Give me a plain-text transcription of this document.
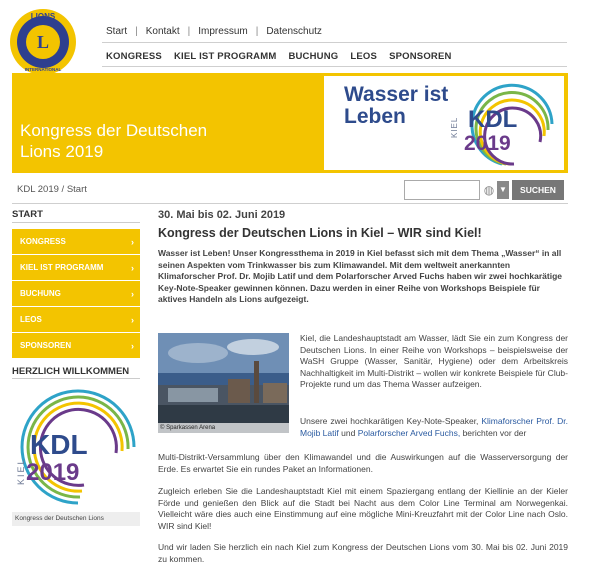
L
LIONS
INTERNATIONAL
Start | Kontakt | Impressum | Datenschutz
KONGRESS KIEL IST PROGRAMM BUCHUNG LEOS SPONSOREN
Kongress der Deutschen
Lions 2019
Wasser ist
Leben	KIEL KDL
2019
KDL 2019 / Start	◍ ▼	SUCHEN
START
KONGRESS	›
KIEL IST PROGRAMM	›
BUCHUNG	›
LEOS	›
SPONSOREN	›
HERZLICH WILLKOMMEN
KIEL
KDL
2019
Kongress der Deutschen Lions
30. Mai bis 02. Juni 2019
Kongress der Deutschen Lions in Kiel – WIR sind Kiel!
Wasser ist Leben! Unser Kongressthema in 2019 in Kiel befasst sich mit dem Thema „Wasser“ in all seinen Aspekten vom Trinkwasser bis zum Klimawandel. Mit dem weltweit anerkannten Klimaforscher Prof. Dr. Mojib Latif und dem Polarforscher Arved Fuchs haben wir zwei hochkarätige Key-Note-Speaker gewinnen können. Dazu werden in einer Reihe von Workshops Beispiele für aktives Handeln als Lions aufgezeigt.
© Sparkassen Arena

Kiel, die Landeshauptstadt am Wasser, lädt Sie ein zum Kongress der Deutschen Lions. In einer Reihe von Workshops – beispielsweise der WaSH Gruppe (Wasser, Sanitär, Hygiene) oder dem Arbeitskreis Nachhaltigkeit im Multi-Distrikt – wollen wir konkrete Beispiele für Club-Projekte rund um das Thema Wasser aufzeigen.

Unsere zwei hochkarätigen Key-Note-Speaker, Klimaforscher Prof. Dr. Mojib Latif und Polarforscher Arved Fuchs, berichten vor der

Multi-Distrikt-Versammlung über den Klimawandel und die Auswirkungen auf die Wasserversorgung der Erde. Es erwartet Sie ein rundes Paket an Informationen.

Zugleich erleben Sie die Landeshauptstadt Kiel mit einem Spaziergang entlang der Kiellinie an der Kieler Förde und genießen den Blick auf die Stadt bei Nacht aus dem Color Line Terminal am Norwegenkai. Vielleicht wäre dies auch eine Einstimmung auf eine mögliche Mini-Kreuzfahrt mit der Color Line nach Oslo. WIR sind Kiel!

Und wir laden Sie herzlich ein nach Kiel zum Kongress der Deutschen Lions vom 30. Mai bis 02. Juni 2019 zu kommen.
